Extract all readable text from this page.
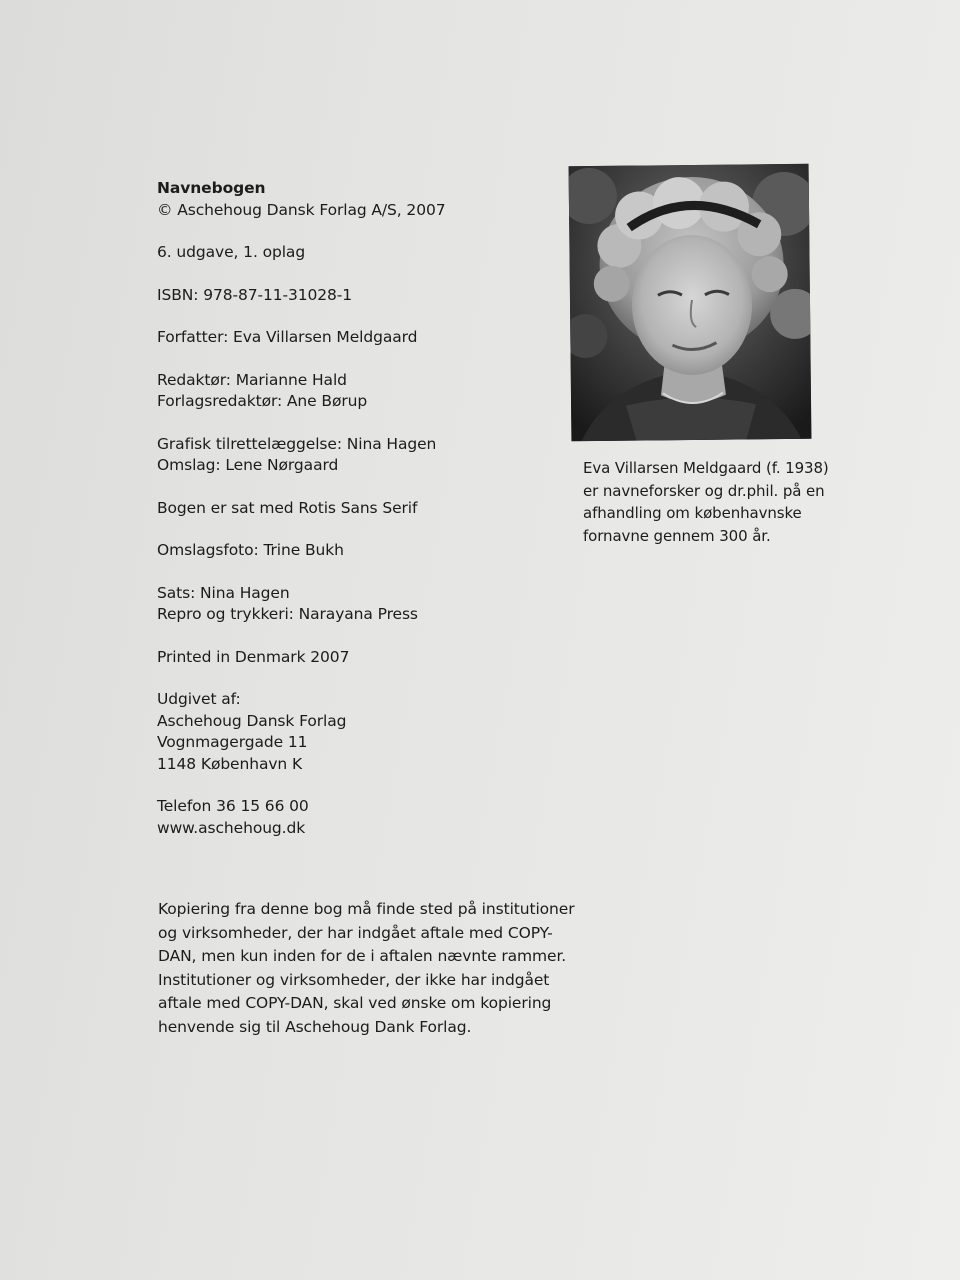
Navnebogen
© Aschehoug Dansk Forlag A/S, 2007
6. udgave, 1. oplag
ISBN: 978-87-11-31028-1
Forfatter: Eva Villarsen Meldgaard
Redaktør: Marianne Hald
Forlagsredaktør: Ane Børup
Grafisk tilrettelæggelse: Nina Hagen
Omslag: Lene Nørgaard
Bogen er sat med Rotis Sans Serif
Omslagsfoto: Trine Bukh
Sats: Nina Hagen
Repro og trykkeri: Narayana Press
Printed in Denmark 2007
Udgivet af:
Aschehoug Dansk Forlag
Vognmagergade 11
1148 København K
Telefon 36 15 66 00
www.aschehoug.dk
Kopiering fra denne bog må finde sted på institutioner
og virksomheder, der har indgået aftale med COPY-
DAN, men kun inden for de i aftalen nævnte rammer.
Institutioner og virksomheder, der ikke har indgået
aftale med COPY-DAN, skal ved ønske om kopiering
henvende sig til Aschehoug Dank Forlag.
Eva Villarsen Meldgaard (f. 1938)
er navneforsker og dr.phil. på en
afhandling om københavnske
fornavne gennem 300 år.
